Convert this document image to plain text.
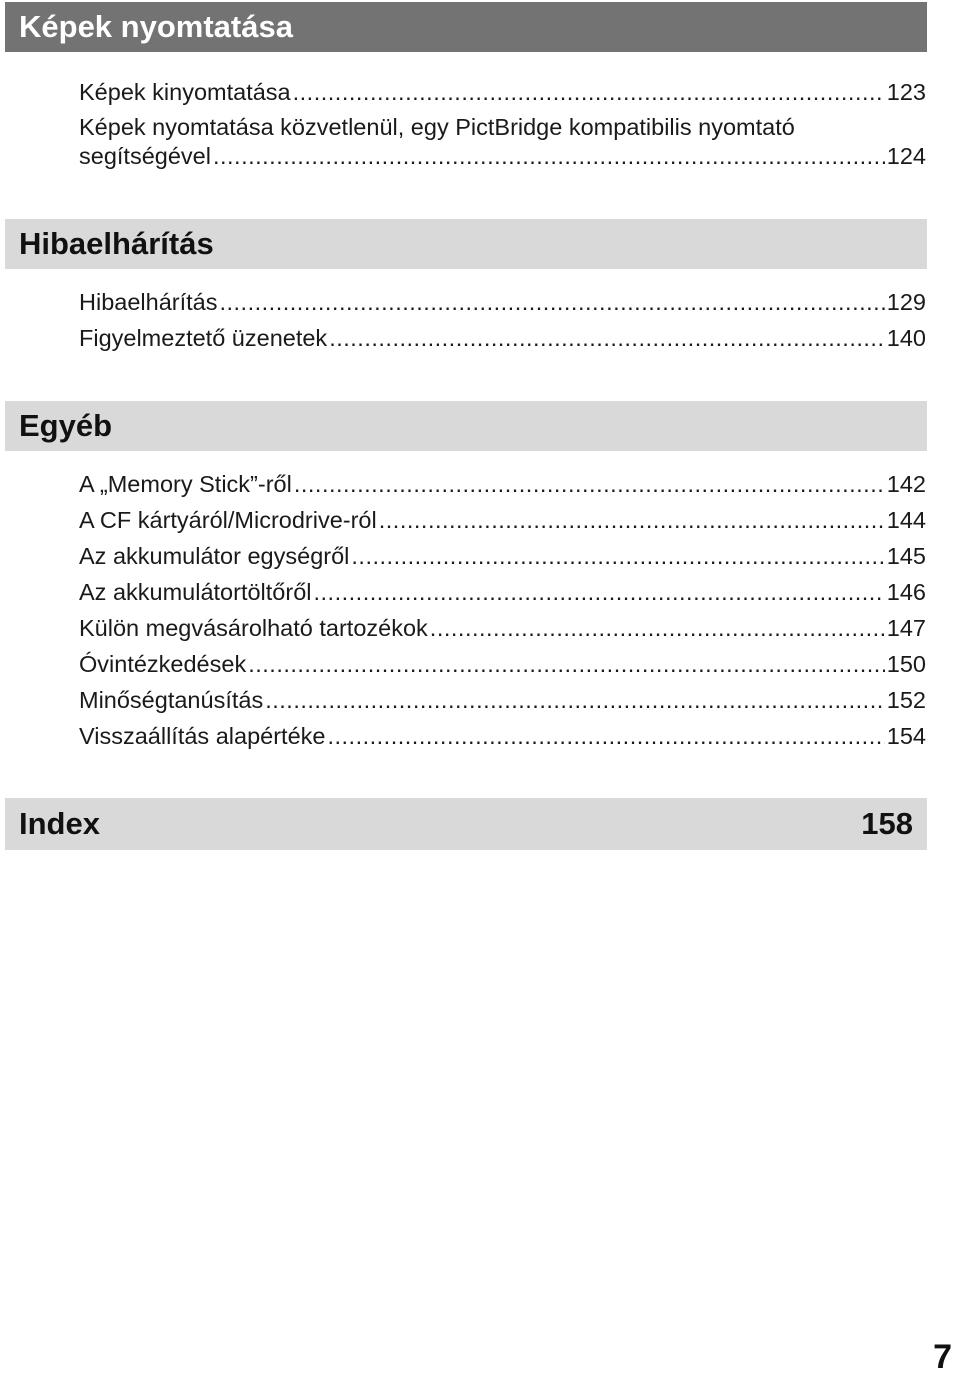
Képek nyomtatása
Képek kinyomtatása .....	123
Képek nyomtatása közvetlenül, egy PictBridge kompatibilis nyomtató
segítségével .....	124
Hibaelhárítás
Hibaelhárítás .....	129
Figyelmeztető üzenetek .....	140
Egyéb
A „Memory Stick”-ről .....	142
A CF kártyáról/Microdrive-ról .....	144
Az akkumulátor egységről .....	145
Az akkumulátortöltőről .....	146
Külön megvásárolható tartozékok .....	147
Óvintézkedések .....	150
Minőségtanúsítás .....	152
Visszaállítás alapértéke .....	154
Index	158
7
